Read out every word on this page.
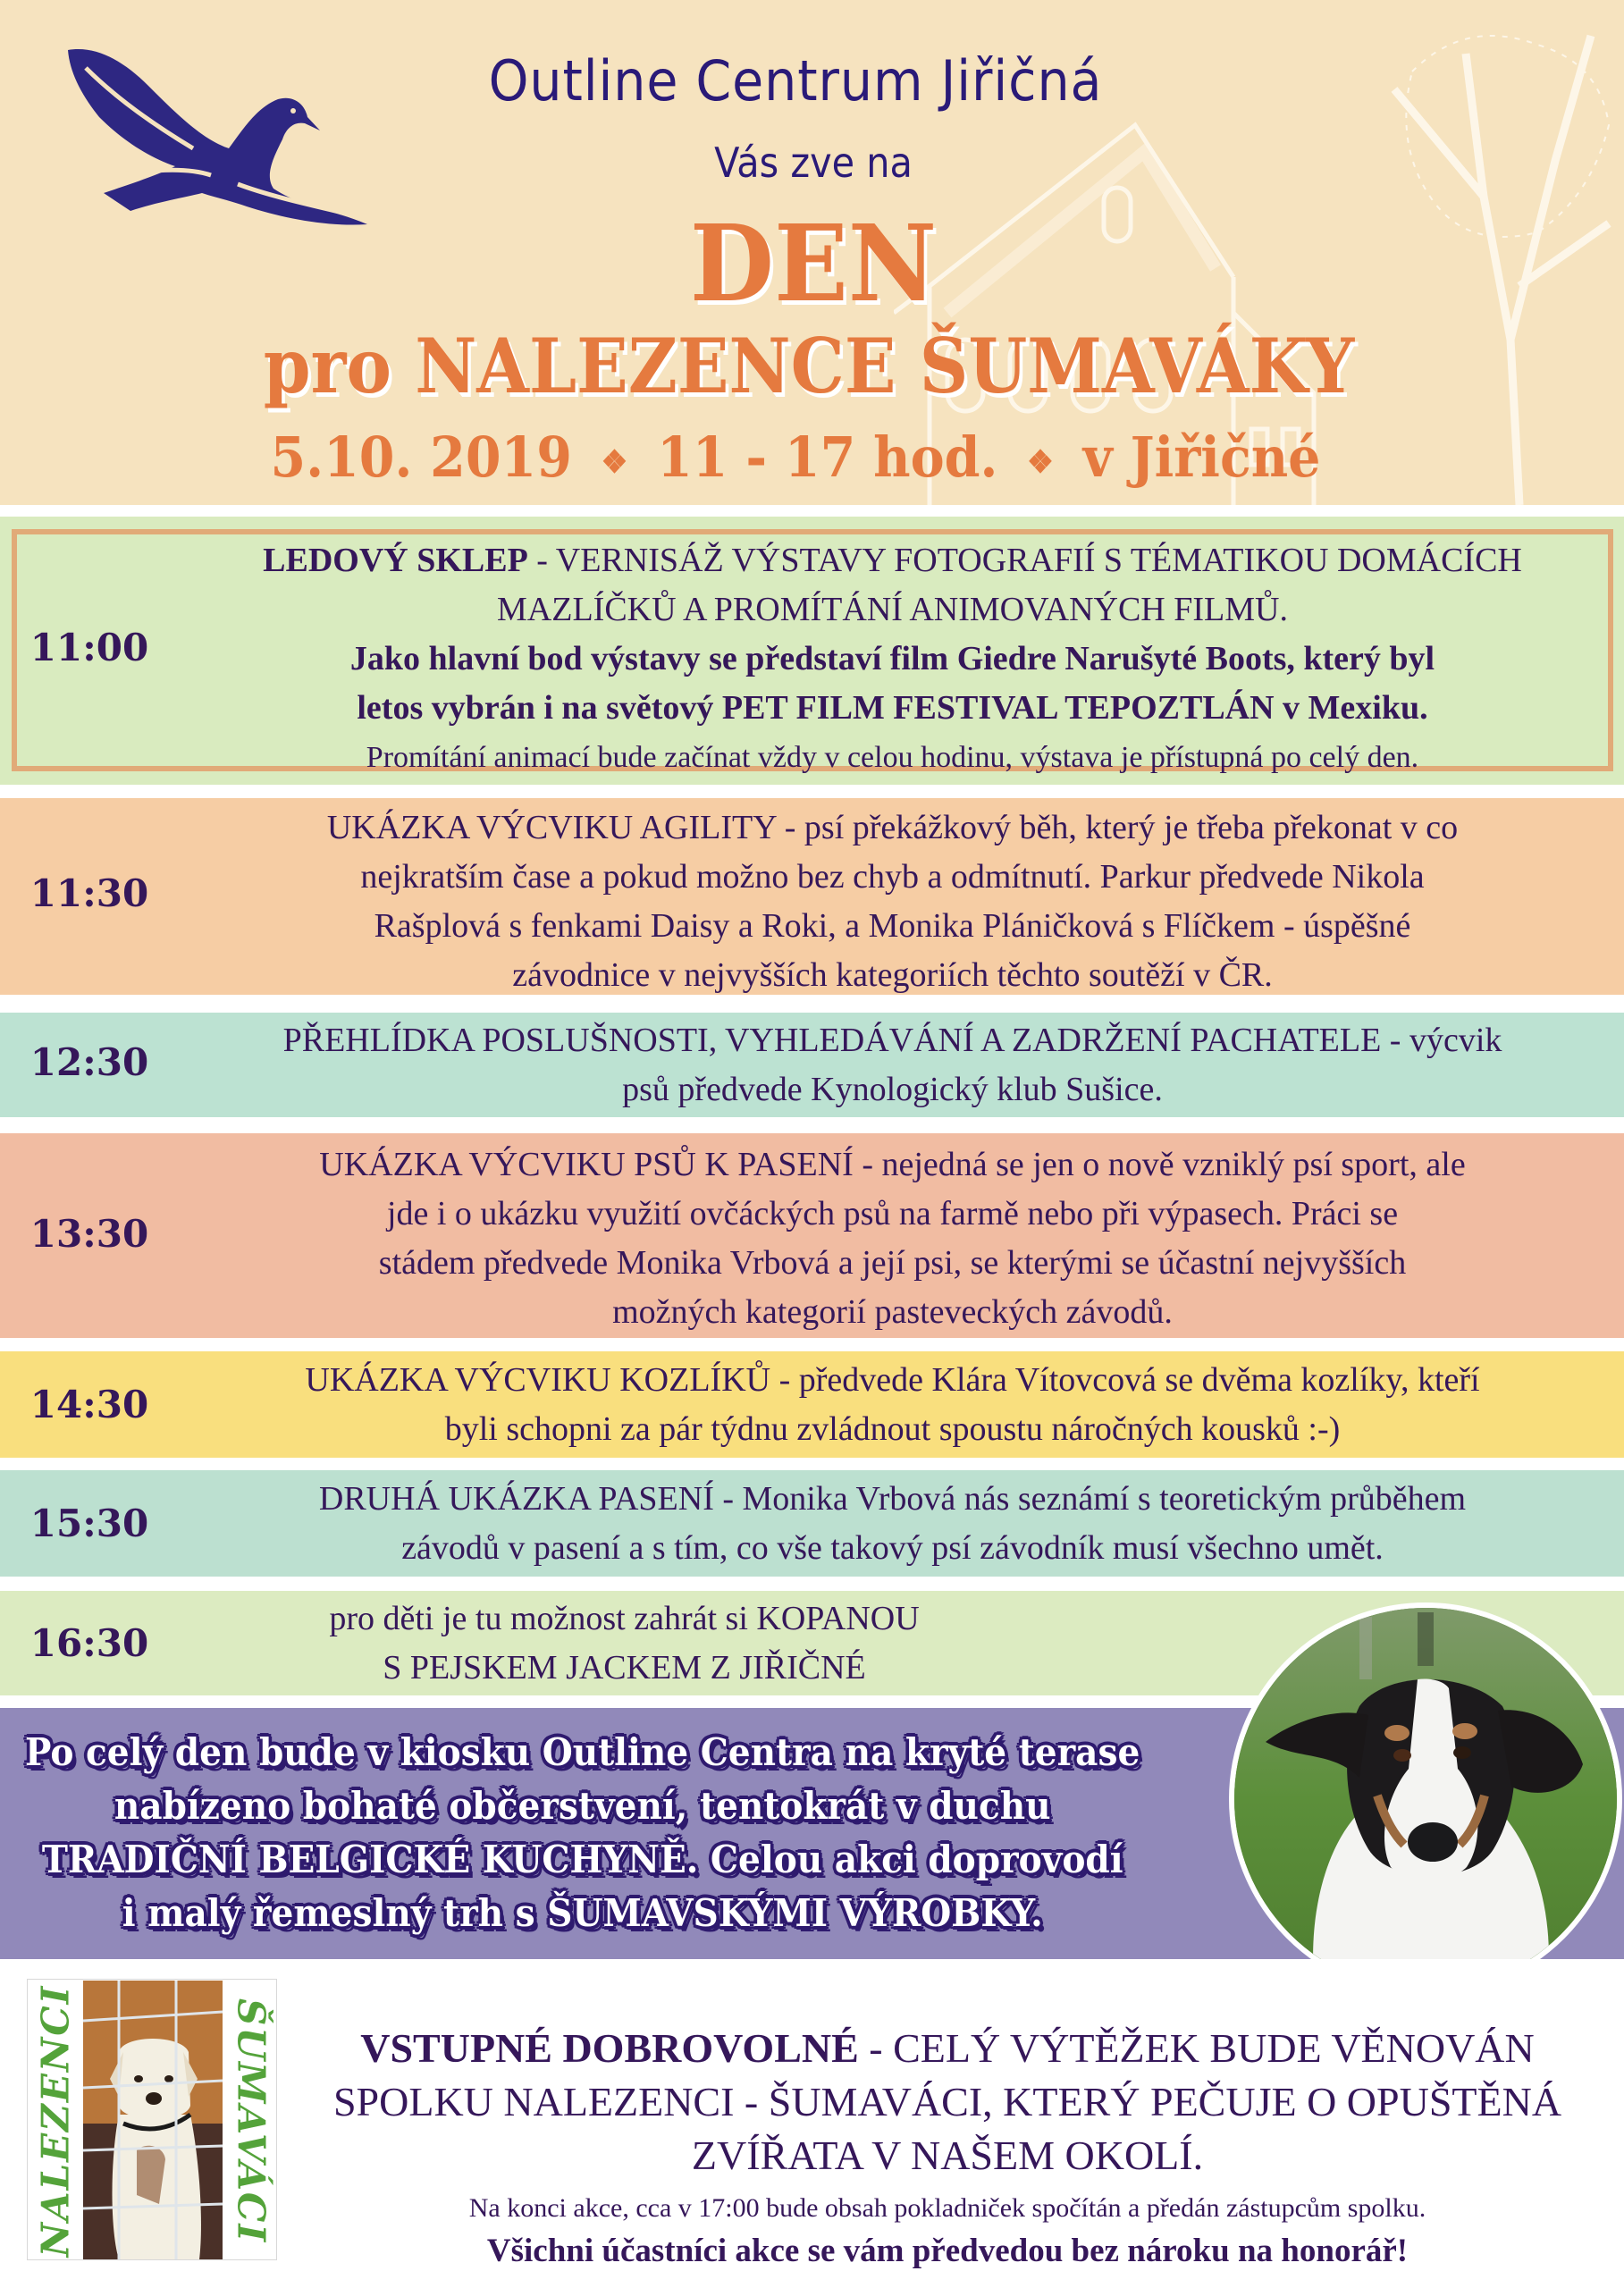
Outline Centrum Jiřičná
Vás zve na
DEN
pro NALEZENCE ŠUMAVÁKY
5.10. 2019 ❖ 11 - 17 hod. ❖ v Jiřičné
11:00
LEDOVÝ SKLEP - VERNISÁŽ VÝSTAVY FOTOGRAFIÍ S TÉMATIKOU DOMÁCÍCH
MAZLÍČKŮ A PROMÍTÁNÍ ANIMOVANÝCH FILMŮ.
Jako hlavní bod výstavy se představí film Giedre Narušyté Boots, který byl
letos vybrán i na světový PET FILM FESTIVAL TEPOZTLÁN v Mexiku.
Promítání animací bude začínat vždy v celou hodinu, výstava je přístupná po celý den.
11:30
UKÁZKA VÝCVIKU AGILITY - psí překážkový běh, který je třeba překonat v co
nejkratším čase a pokud možno bez chyb a odmítnutí. Parkur předvede Nikola
Rašplová s fenkami Daisy a Roki, a Monika Pláničková s Flíčkem - úspěšné
závodnice v nejvyšších kategoriích těchto soutěží v ČR.
12:30	PŘEHLÍDKA POSLUŠNOSTI, VYHLEDÁVÁNÍ A ZADRŽENÍ PACHATELE - výcvik
psů předvede Kynologický klub Sušice.
13:30
UKÁZKA VÝCVIKU PSŮ K PASENÍ - nejedná se jen o nově vzniklý psí sport, ale
jde i o ukázku využití ovčáckých psů na farmě nebo při výpasech. Práci se
stádem předvede Monika Vrbová a její psi, se kterými se účastní nejvyšších
možných kategorií pasteveckých závodů.
14:30
UKÁZKA VÝCVIKU KOZLÍKŮ - předvede Klára Vítovcová se dvěma kozlíky, kteří
byli schopni za pár týdnu zvládnout spoustu náročných kousků :-)
15:30
DRUHÁ UKÁZKA PASENÍ - Monika Vrbová nás seznámí s teoretickým průběhem
závodů v pasení a s tím, co vše takový psí závodník musí všechno umět.
16:30
pro děti je tu možnost zahrát si KOPANOU
S PEJSKEM JACKEM Z JIŘIČNÉ
Po celý den bude v kiosku Outline Centra na kryté terase
nabízeno bohaté občerstvení, tentokrát v duchu
TRADIČNÍ BELGICKÉ KUCHYNĚ. Celou akci doprovodí
i malý řemeslný trh s ŠUMAVSKÝMI VÝROBKY.
NALEZENCI	ŠUMAVÁCI	VSTUPNÉ DOBROVOLNÉ - CELÝ VÝTĚŽEK BUDE VĚNOVÁN
SPOLKU NALEZENCI - ŠUMAVÁCI, KTERÝ PEČUJE O OPUŠTĚNÁ
ZVÍŘATA V NAŠEM OKOLÍ.
Na konci akce, cca v 17:00 bude obsah pokladniček spočítán a předán zástupcům spolku.
Všichni účastníci akce se vám předvedou bez nároku na honorář!
